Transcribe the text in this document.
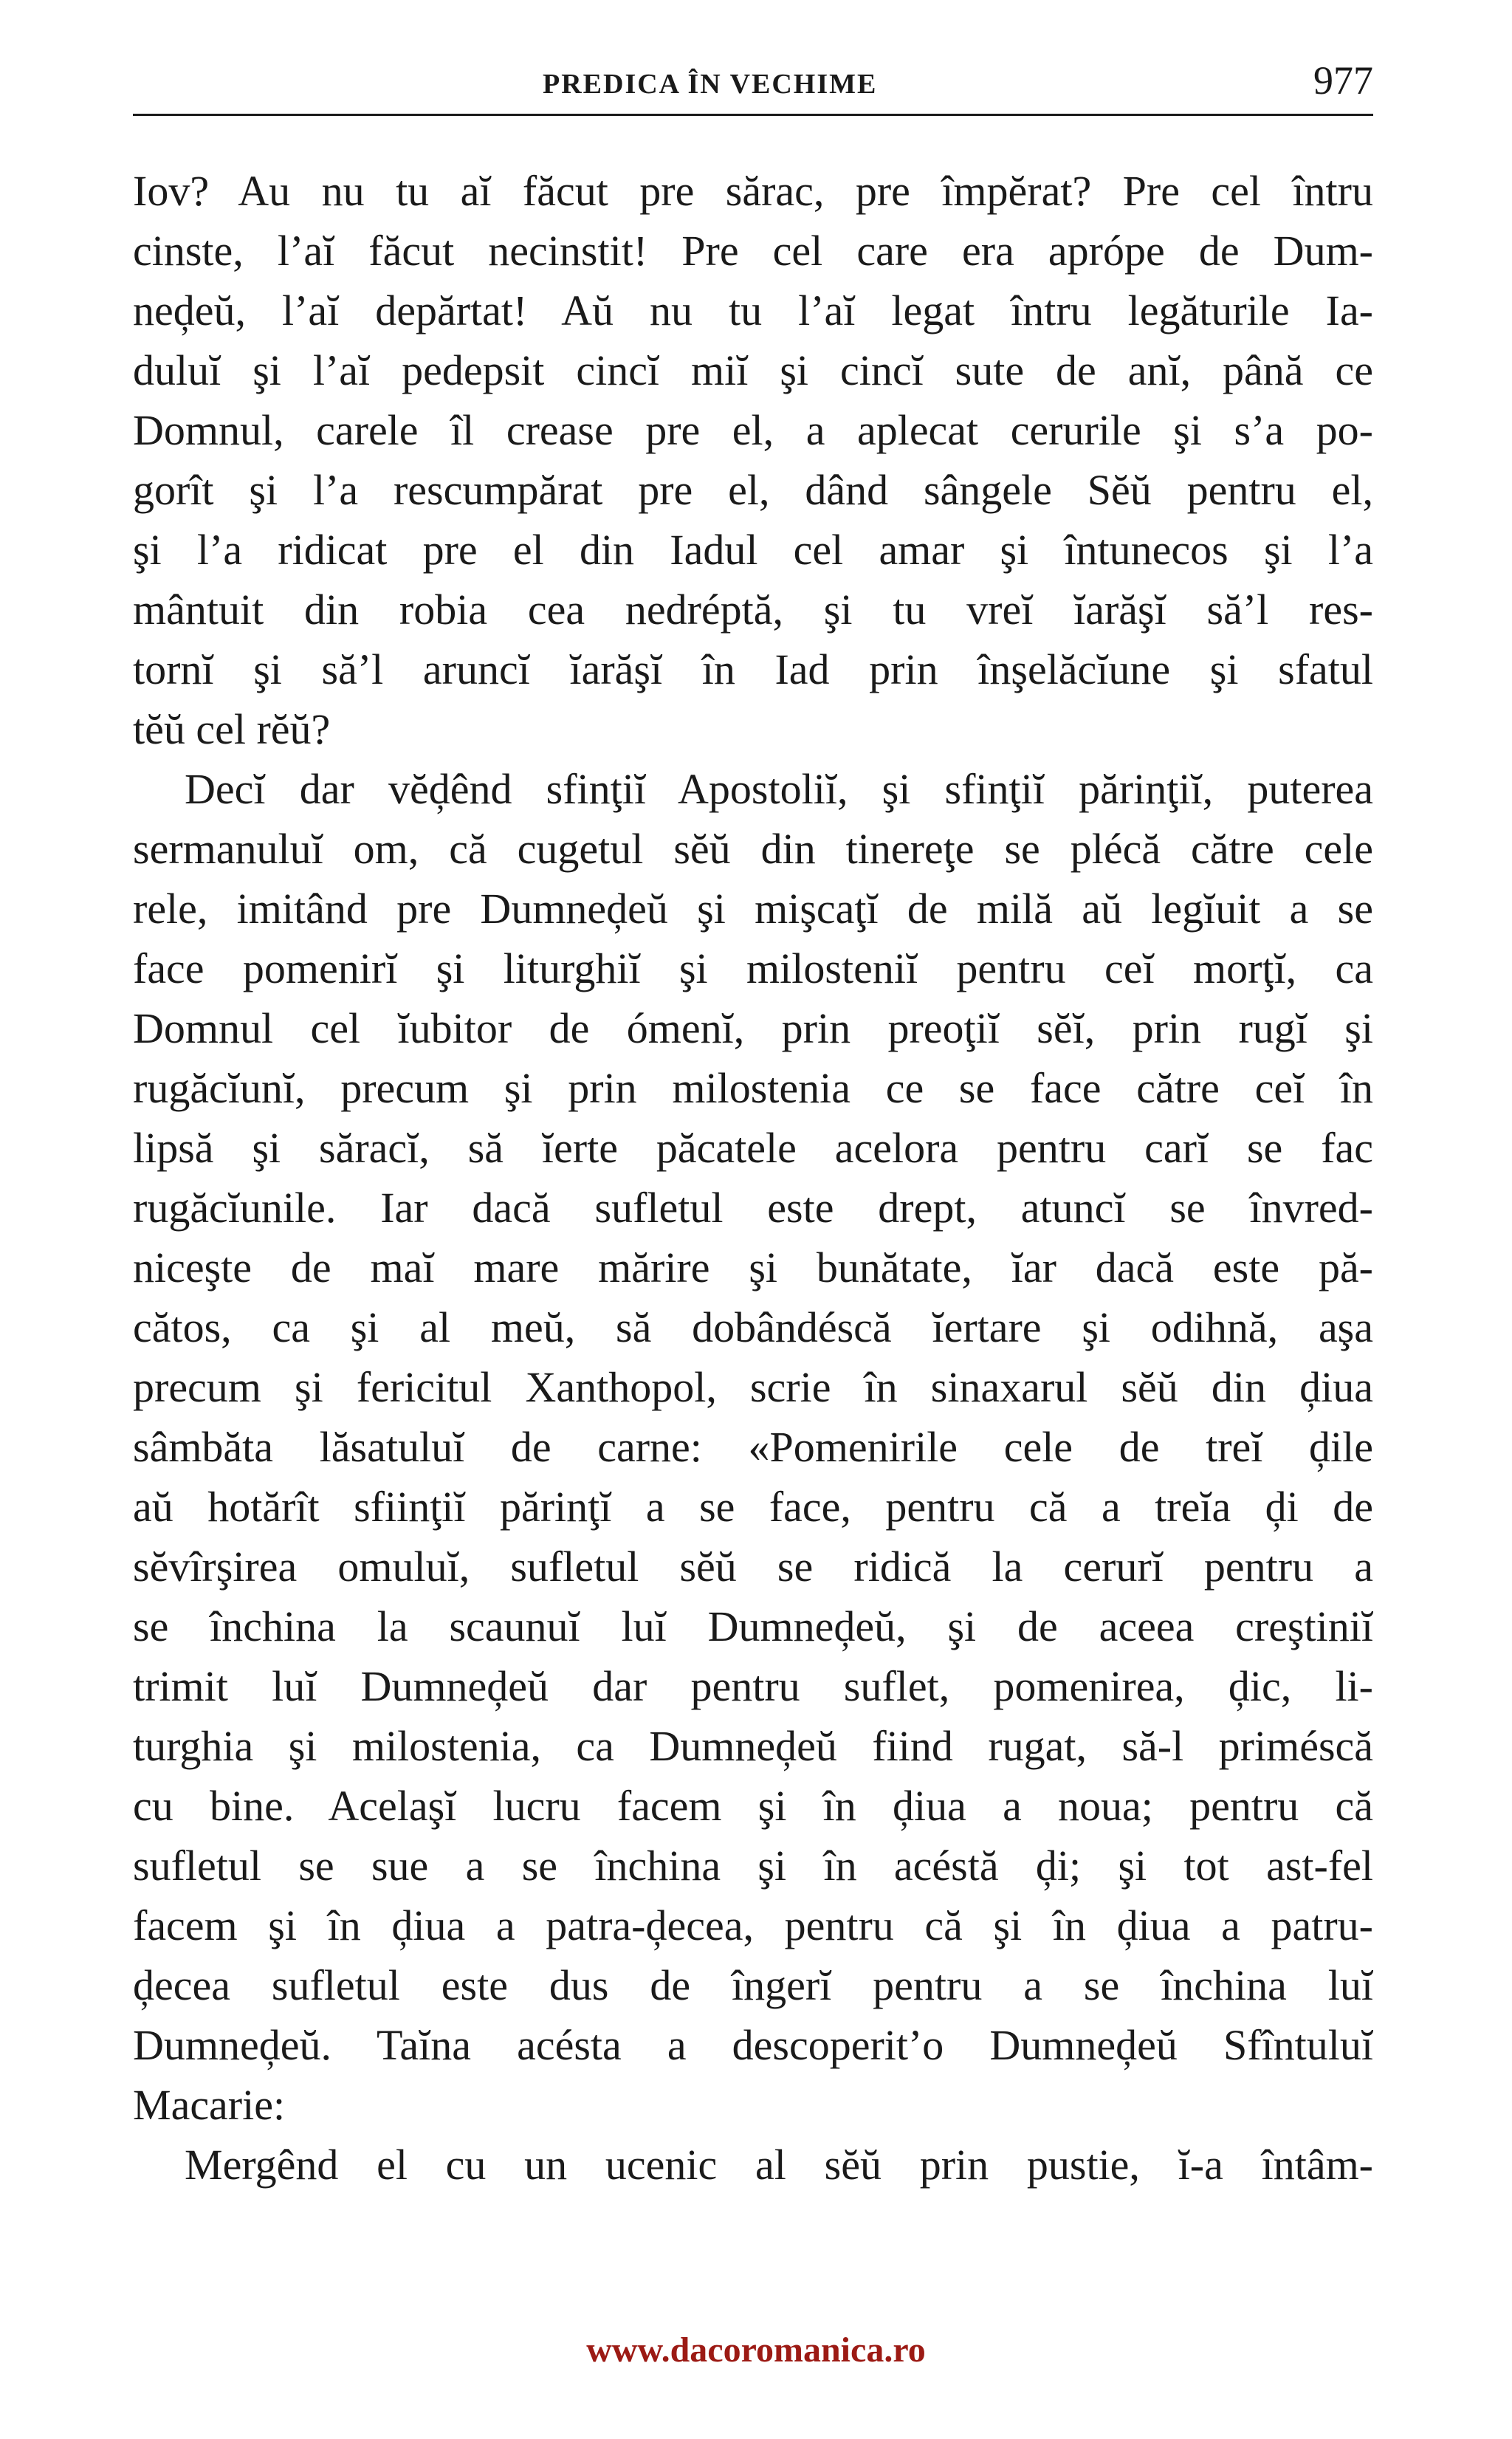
PREDICA ÎN VECHIME	977
Iov? Au nu tu aĭ făcut pre sărac, pre împĕrat? Pre cel întru
cinste, l’aĭ făcut necinstit! Pre cel care era aprópe de Dum-
neḑeŭ, l’aĭ depărtat! Aŭ nu tu l’aĭ legat întru legăturile Ia-
duluĭ şi l’aĭ pedepsit cincĭ miĭ şi cincĭ sute de anĭ, până ce
Domnul, carele îl crease pre el, a aplecat cerurile şi s’a po-
gorît şi l’a rescumpărat pre el, dând sângele Sĕŭ pentru el,
şi l’a ridicat pre el din Iadul cel amar şi întunecos şi l’a
mântuit din robia cea nedréptă, şi tu vreĭ ĭarăşĭ să’l res-
tornĭ şi să’l aruncĭ ĭarăşĭ în Iad prin înşelăcĭune şi sfatul
tĕŭ cel rĕŭ?
Decĭ dar vĕḑênd sfinţiĭ Apostoliĭ, şi sfinţiĭ părinţiĭ, puterea
sermanuluĭ om, că cugetul sĕŭ din tinereţe se plécă către cele
rele, imitând pre Dumneḑeŭ şi mişcaţĭ de milă aŭ legĭuit a se
face pomenirĭ şi liturghiĭ şi milosteniĭ pentru ceĭ morţĭ, ca
Domnul cel ĭubitor de ómenĭ, prin preoţiĭ sĕĭ, prin rugĭ şi
rugăcĭunĭ, precum şi prin milostenia ce se face către ceĭ în
lipsă şi săracĭ, să ĭerte păcatele acelora pentru carĭ se fac
rugăcĭunile. Iar dacă sufletul este drept, atuncĭ se învred-
niceşte de maĭ mare mărire şi bunătate, ĭar dacă este pă-
cătos, ca şi al meŭ, să dobândéscă ĭertare şi odihnă, aşa
precum şi fericitul Xanthopol, scrie în sinaxarul sĕŭ din ḑiua
sâmbăta lăsatuluĭ de carne: «Pomenirile cele de treĭ ḑile
aŭ hotărît sfiinţiĭ părinţĭ a se face, pentru că a treĭa ḑi de
sĕvîrşirea omuluĭ, sufletul sĕŭ se ridică la cerurĭ pentru a
se închina la scaunuĭ luĭ Dumneḑeŭ, şi de aceea creştiniĭ
trimit luĭ Dumneḑeŭ dar pentru suflet, pomenirea, ḑic, li-
turghia şi milostenia, ca Dumneḑeŭ fiind rugat, să-l priméscă
cu bine. Acelaşĭ lucru facem şi în ḑiua a noua; pentru că
sufletul se sue a se închina şi în acéstă ḑi; şi tot ast-fel
facem şi în ḑiua a patra-ḑecea, pentru că şi în ḑiua a patru-
ḑecea sufletul este dus de îngerĭ pentru a se închina luĭ
Dumneḑeŭ. Taĭna acésta a descoperit’o Dumneḑeŭ Sfîntuluĭ
Macarie:
Mergênd el cu un ucenic al sĕŭ prin pustie, ĭ-a întâm-
www.dacoromanica.ro
